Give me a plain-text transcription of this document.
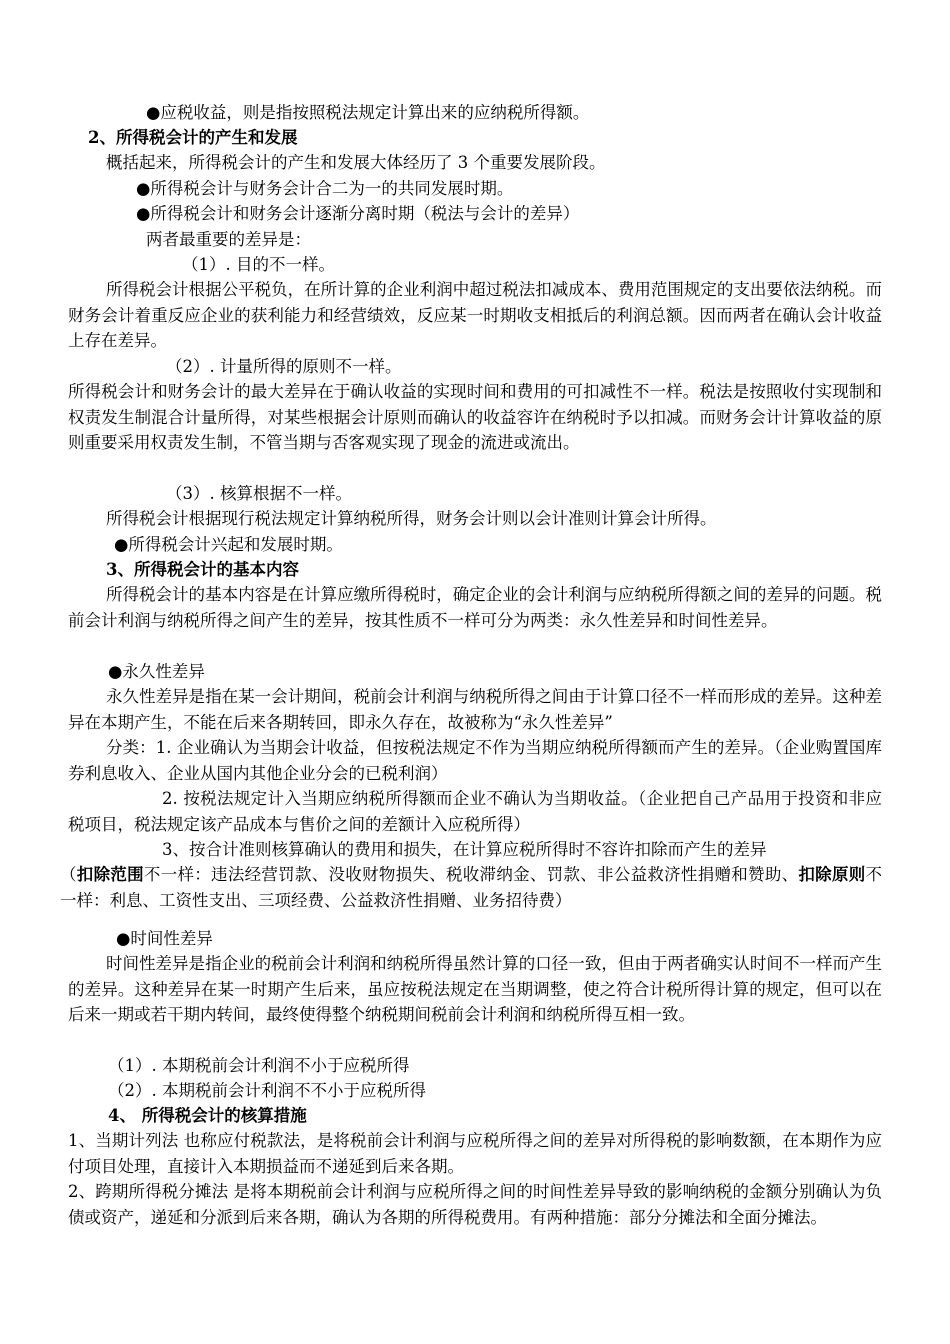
●应税收益，则是指按照税法规定计算出来的应纳税所得额。
2、所得税会计的产生和发展
概括起来，所得税会计的产生和发展大体经历了 3 个重要发展阶段。
●所得税会计与财务会计合二为一的共同发展时期。
●所得税会计和财务会计逐渐分离时期（税法与会计的差异）
两者最重要的差异是：
（1）. 目的不一样。
所得税会计根据公平税负，在所计算的企业利润中超过税法扣减成本、费用范围规定的支出要依法纳税。而财务会计着重反应企业的获利能力和经营绩效，反应某一时期收支相抵后的利润总额。因而两者在确认会计收益上存在差异。
（2）. 计量所得的原则不一样。
所得税会计和财务会计的最大差异在于确认收益的实现时间和费用的可扣减性不一样。税法是按照收付实现制和权责发生制混合计量所得，对某些根据会计原则而确认的收益容许在纳税时予以扣减。而财务会计计算收益的原则重要采用权责发生制，不管当期与否客观实现了现金的流进或流出。
（3）. 核算根据不一样。
所得税会计根据现行税法规定计算纳税所得，财务会计则以会计准则计算会计所得。
●所得税会计兴起和发展时期。
3、所得税会计的基本内容
所得税会计的基本内容是在计算应缴所得税时，确定企业的会计利润与应纳税所得额之间的差异的问题。税前会计利润与纳税所得之间产生的差异，按其性质不一样可分为两类：永久性差异和时间性差异。
●永久性差异
永久性差异是指在某一会计期间，税前会计利润与纳税所得之间由于计算口径不一样而形成的差异。这种差异在本期产生，不能在后来各期转回，即永久存在，故被称为“永久性差异”
分类：1. 企业确认为当期会计收益，但按税法规定不作为当期应纳税所得额而产生的差异。（企业购置国库券利息收入、企业从国内其他企业分会的已税利润）
2. 按税法规定计入当期应纳税所得额而企业不确认为当期收益。（企业把自己产品用于投资和非应税项目，税法规定该产品成本与售价之间的差额计入应税所得）
3、按合计准则核算确认的费用和损失，在计算应税所得时不容许扣除而产生的差异
（扣除范围不一样：违法经营罚款、没收财物损失、税收滞纳金、罚款、非公益救济性捐赠和赞助、扣除原则不一样：利息、工资性支出、三项经费、公益救济性捐赠、业务招待费）
●时间性差异
时间性差异是指企业的税前会计利润和纳税所得虽然计算的口径一致，但由于两者确实认时间不一样而产生的差异。这种差异在某一时期产生后来，虽应按税法规定在当期调整，使之符合计税所得计算的规定，但可以在后来一期或若干期内转间，最终使得整个纳税期间税前会计利润和纳税所得互相一致。
（1）. 本期税前会计利润不小于应税所得
（2）. 本期税前会计利润不不小于应税所得
4、 所得税会计的核算措施
1、当期计列法 也称应付税款法，是将税前会计利润与应税所得之间的差异对所得税的影响数额，在本期作为应付项目处理，直接计入本期损益而不递延到后来各期。
2、跨期所得税分摊法 是将本期税前会计利润与应税所得之间的时间性差异导致的影响纳税的金额分别确认为负债或资产，递延和分派到后来各期，确认为各期的所得税费用。有两种措施：部分分摊法和全面分摊法。
